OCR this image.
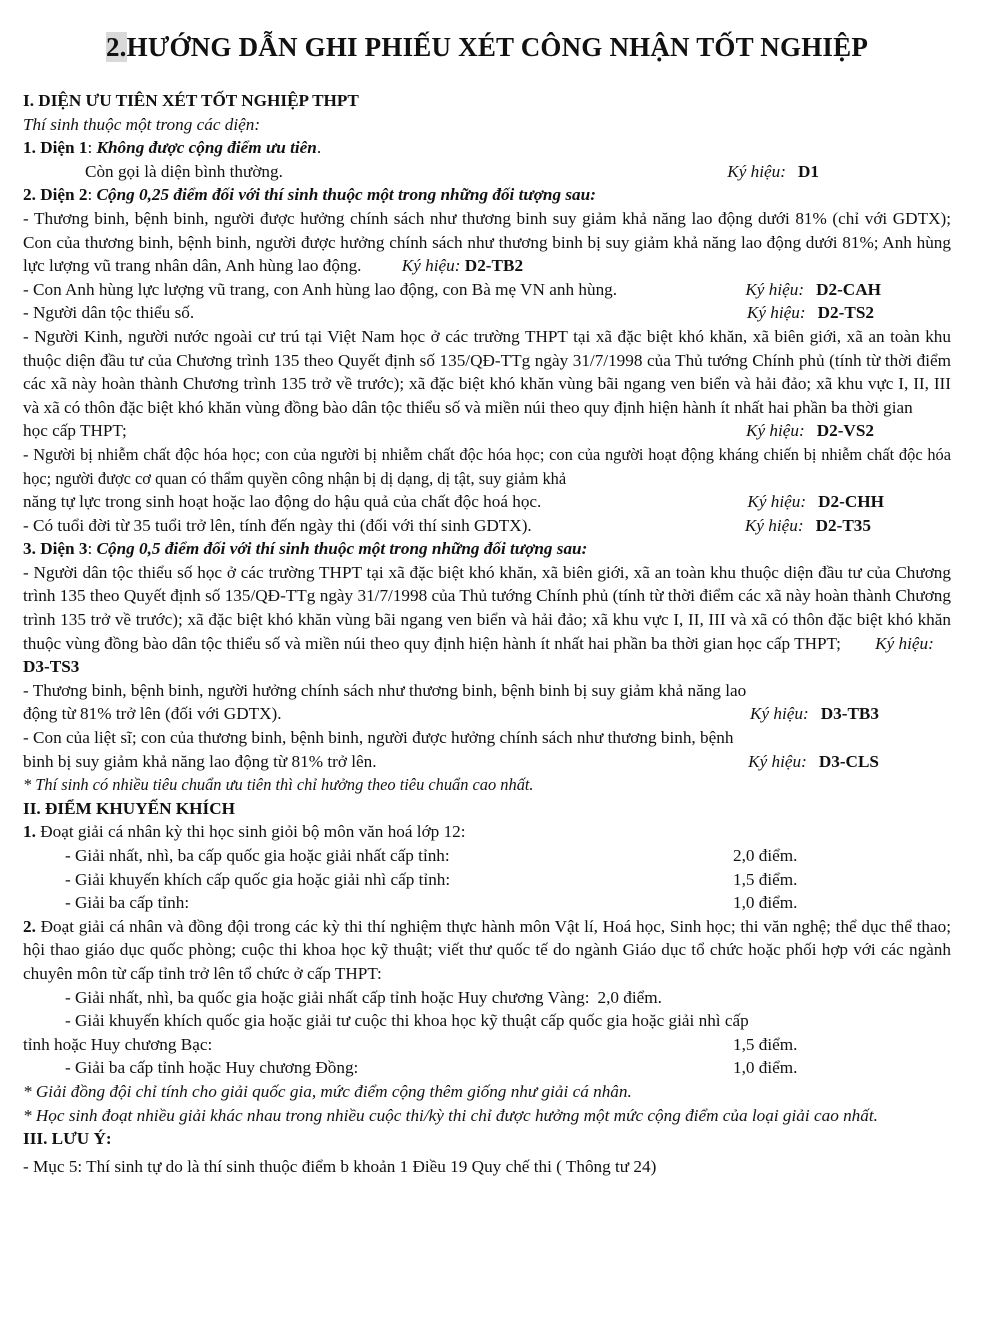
2.HƯỚNG DẪN GHI PHIẾU XÉT CÔNG NHẬN TỐT NGHIỆP

I. DIỆN ƯU TIÊN XÉT TỐT NGHIỆP THPT

Thí sinh thuộc một trong các diện:

1. Diện 1: Không được cộng điểm ưu tiên.

Còn gọi là diện bình thường.	Ký hiệu: D1

2. Diện 2: Cộng 0,25 điểm đối với thí sinh thuộc một trong những đối tượng sau:

- Thương binh, bệnh binh, người được hưởng chính sách như thương binh suy giảm khả năng lao động dưới 81% (chỉ với GDTX); Con của thương binh, bệnh binh, người được hưởng chính sách như thương binh bị suy giảm khả năng lao động dưới 81%; Anh hùng lực lượng vũ trang nhân dân, Anh hùng lao động. Ký hiệu: D2-TB2

- Con Anh hùng lực lượng vũ trang, con Anh hùng lao động, con Bà mẹ VN anh hùng.	Ký hiệu: D2-CAH
- Người dân tộc thiểu số.	Ký hiệu: D2-TS2

- Người Kinh, người nước ngoài cư trú tại Việt Nam học ở các trường THPT tại xã đặc biệt khó khăn, xã biên giới, xã an toàn khu thuộc diện đầu tư của Chương trình 135 theo Quyết định số 135/QĐ-TTg ngày 31/7/1998 của Thủ tướng Chính phủ (tính từ thời điểm các xã này hoàn thành Chương trình 135 trở về trước); xã đặc biệt khó khăn vùng bãi ngang ven biển và hải đảo; xã khu vực I, II, III và xã có thôn đặc biệt khó khăn vùng đồng bào dân tộc thiểu số và miền núi theo quy định hiện hành ít nhất hai phần ba thời gian

học cấp THPT;	Ký hiệu: D2-VS2

- Người bị nhiễm chất độc hóa học; con của người bị nhiễm chất độc hóa học; con của người hoạt động kháng chiến bị nhiễm chất độc hóa học; người được cơ quan có thẩm quyền công nhận bị dị dạng, dị tật, suy giảm khả

năng tự lực trong sinh hoạt hoặc lao động do hậu quả của chất độc hoá học.	Ký hiệu: D2-CHH
- Có tuổi đời từ 35 tuổi trở lên, tính đến ngày thi (đối với thí sinh GDTX).	Ký hiệu: D2-T35

3. Diện 3: Cộng 0,5 điểm đối với thí sinh thuộc một trong những đối tượng sau:

- Người dân tộc thiểu số học ở các trường THPT tại xã đặc biệt khó khăn, xã biên giới, xã an toàn khu thuộc diện đầu tư của Chương trình 135 theo Quyết định số 135/QĐ-TTg ngày 31/7/1998 của Thủ tướng Chính phủ (tính từ thời điểm các xã này hoàn thành Chương trình 135 trở về trước); xã đặc biệt khó khăn vùng bãi ngang ven biển và hải đảo; xã khu vực I, II, III và xã có thôn đặc biệt khó khăn thuộc vùng đồng bào dân tộc thiểu số và miền núi theo quy định hiện hành ít nhất hai phần ba thời gian học cấp THPT; Ký hiệu:
D3-TS3

- Thương binh, bệnh binh, người hưởng chính sách như thương binh, bệnh binh bị suy giảm khả năng lao

động từ 81% trở lên (đối với GDTX).	Ký hiệu: D3-TB3

- Con của liệt sĩ; con của thương binh, bệnh binh, người được hưởng chính sách như thương binh, bệnh

binh bị suy giảm khả năng lao động từ 81% trở lên.	Ký hiệu: D3-CLS

* Thí sinh có nhiều tiêu chuẩn ưu tiên thì chỉ hưởng theo tiêu chuẩn cao nhất.

II. ĐIỂM KHUYẾN KHÍCH

1. Đoạt giải cá nhân kỳ thi học sinh giỏi bộ môn văn hoá lớp 12:

- Giải nhất, nhì, ba cấp quốc gia hoặc giải nhất cấp tỉnh:	2,0 điểm.
- Giải khuyến khích cấp quốc gia hoặc giải nhì cấp tỉnh:	1,5 điểm.
- Giải ba cấp tỉnh:	1,0 điểm.

2. Đoạt giải cá nhân và đồng đội trong các kỳ thi thí nghiệm thực hành môn Vật lí, Hoá học, Sinh học; thi văn nghệ; thể dục thể thao; hội thao giáo dục quốc phòng; cuộc thi khoa học kỹ thuật; viết thư quốc tế do ngành Giáo dục tổ chức hoặc phối hợp với các ngành chuyên môn từ cấp tỉnh trở lên tổ chức ở cấp THPT:

- Giải nhất, nhì, ba quốc gia hoặc giải nhất cấp tỉnh hoặc Huy chương Vàng: 2,0 điểm.

- Giải khuyến khích quốc gia hoặc giải tư cuộc thi khoa học kỹ thuật cấp quốc gia hoặc giải nhì cấp

tỉnh hoặc Huy chương Bạc:	1,5 điểm.
- Giải ba cấp tỉnh hoặc Huy chương Đồng:	1,0 điểm.

* Giải đồng đội chỉ tính cho giải quốc gia, mức điểm cộng thêm giống như giải cá nhân.

* Học sinh đoạt nhiều giải khác nhau trong nhiều cuộc thi/kỳ thi chỉ được hưởng một mức cộng điểm của loại giải cao nhất.

III. LƯU Ý:

- Mục 5: Thí sinh tự do là thí sinh thuộc điểm b khoản 1 Điều 19 Quy chế thi ( Thông tư 24)
